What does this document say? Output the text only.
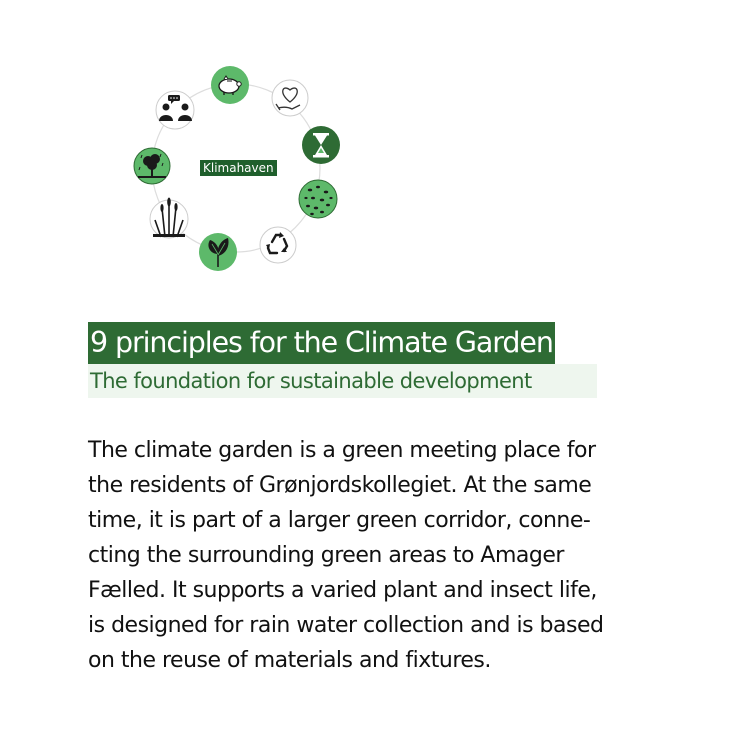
Klimahaven
9 principles for the Climate Garden
The foundation for sustainable development

The climate garden is a green meeting place for
the residents of Grønjordskollegiet. At the same
time, it is part of a larger green corridor, conne-
cting the surrounding green areas to Amager
Fælled. It supports a varied plant and insect life,
is designed for rain water collection and is based
on the reuse of materials and fixtures.
